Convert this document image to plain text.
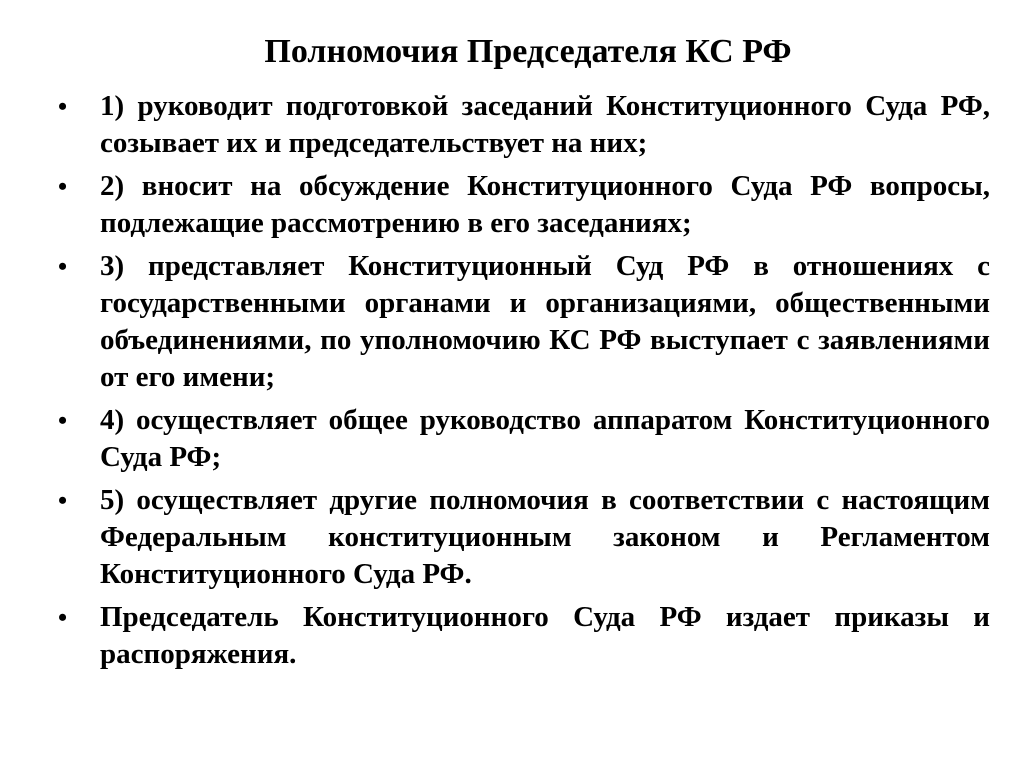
Полномочия Председателя КС РФ
• 1) руководит подготовкой заседаний Конституционного Суда РФ, созывает их и председательствует на них;
• 2) вносит на обсуждение Конституционного Суда РФ вопросы, подлежащие рассмотрению в его заседаниях;
• 3) представляет Конституционный Суд РФ в отношениях с государственными органами и организациями, общественными объединениями, по уполномочию КС РФ выступает с заявлениями от его имени;
• 4) осуществляет общее руководство аппаратом Конституционного Суда РФ;
• 5) осуществляет другие полномочия в соответствии с настоящим Федеральным конституционным законом и Регламентом Конституционного Суда РФ.
• Председатель Конституционного Суда РФ издает приказы и распоряжения.
